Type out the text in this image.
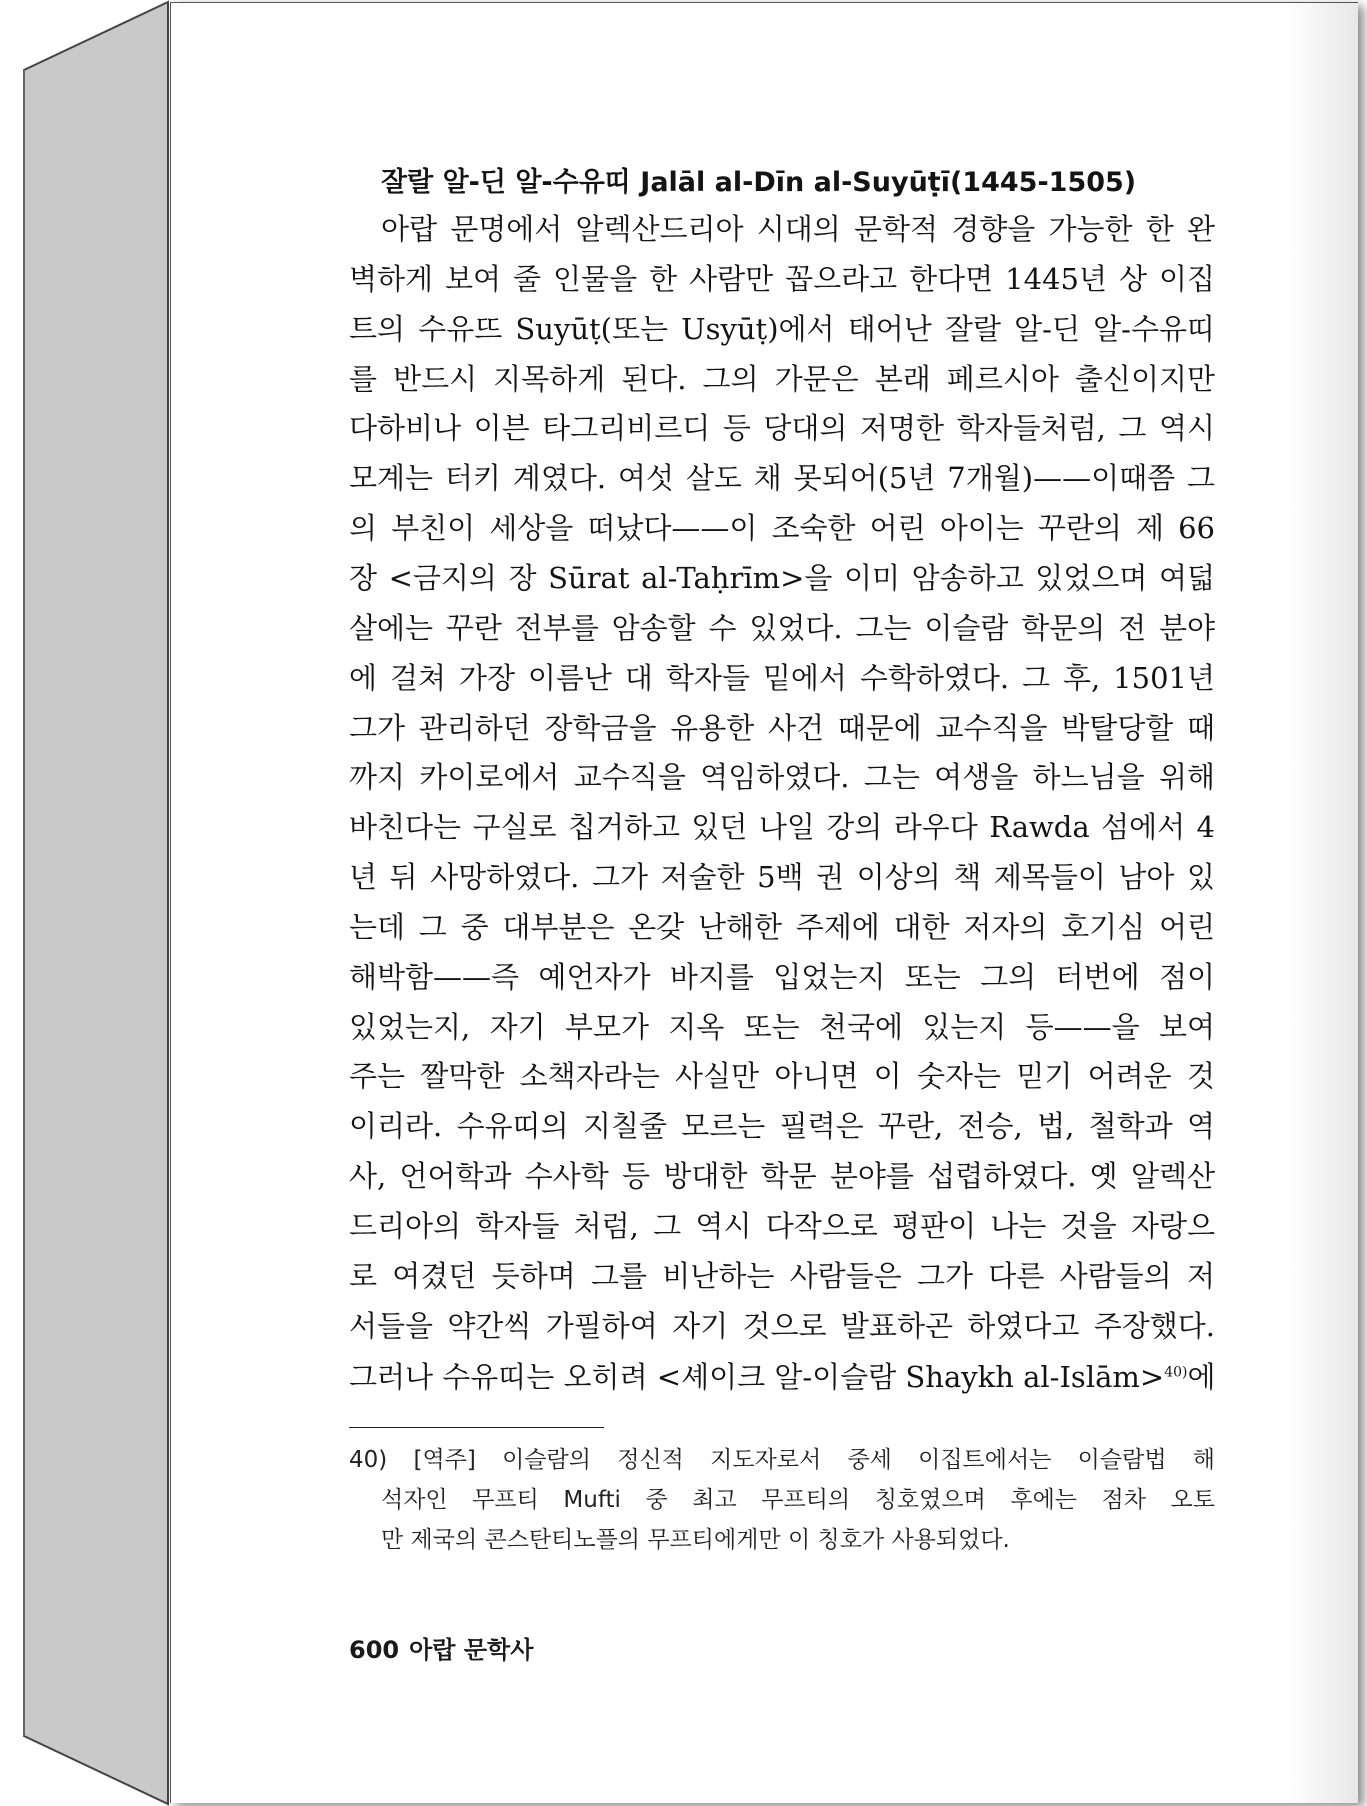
잘랄 알-딘 알-수유띠 Jalāl al-Dīn al-Suyūṭī(1445-1505)
아랍 문명에서 알렉산드리아 시대의 문학적 경향을 가능한 한 완
벽하게 보여 줄 인물을 한 사람만 꼽으라고 한다면 1445년 상 이집
트의 수유뜨 Suyūṭ(또는 Usyūṭ)에서 태어난 잘랄 알-딘 알-수유띠
를 반드시 지목하게 된다. 그의 가문은 본래 페르시아 출신이지만
다하비나 이븐 타그리비르디 등 당대의 저명한 학자들처럼, 그 역시
모계는 터키 계였다. 여섯 살도 채 못되어(5년 7개월)——이때쯤 그
의 부친이 세상을 떠났다——이 조숙한 어린 아이는 꾸란의 제 66
장 <금지의 장 Sūrat al-Taḥrīm>을 이미 암송하고 있었으며 여덟
살에는 꾸란 전부를 암송할 수 있었다. 그는 이슬람 학문의 전 분야
에 걸쳐 가장 이름난 대 학자들 밑에서 수학하였다. 그 후, 1501년
그가 관리하던 장학금을 유용한 사건 때문에 교수직을 박탈당할 때
까지 카이로에서 교수직을 역임하였다. 그는 여생을 하느님을 위해
바친다는 구실로 칩거하고 있던 나일 강의 라우다 Rawda 섬에서 4
년 뒤 사망하였다. 그가 저술한 5백 권 이상의 책 제목들이 남아 있
는데 그 중 대부분은 온갖 난해한 주제에 대한 저자의 호기심 어린
해박함——즉 예언자가 바지를 입었는지 또는 그의 터번에 점이
있었는지, 자기 부모가 지옥 또는 천국에 있는지 등——을 보여
주는 짤막한 소책자라는 사실만 아니면 이 숫자는 믿기 어려운 것
이리라. 수유띠의 지칠줄 모르는 필력은 꾸란, 전승, 법, 철학과 역
사, 언어학과 수사학 등 방대한 학문 분야를 섭렵하였다. 옛 알렉산
드리아의 학자들 처럼, 그 역시 다작으로 평판이 나는 것을 자랑으
로 여겼던 듯하며 그를 비난하는 사람들은 그가 다른 사람들의 저
서들을 약간씩 가필하여 자기 것으로 발표하곤 하였다고 주장했다.
그러나 수유띠는 오히려 <셰이크 알-이슬람 Shaykh al-Islām>$^{40)}$에
40) [역주] 이슬람의 정신적 지도자로서 중세 이집트에서는 이슬람법 해
석자인 무프티 Mufti 중 최고 무프티의 칭호였으며 후에는 점차 오토
만 제국의 콘스탄티노플의 무프티에게만 이 칭호가 사용되었다.
600 아랍 문학사
